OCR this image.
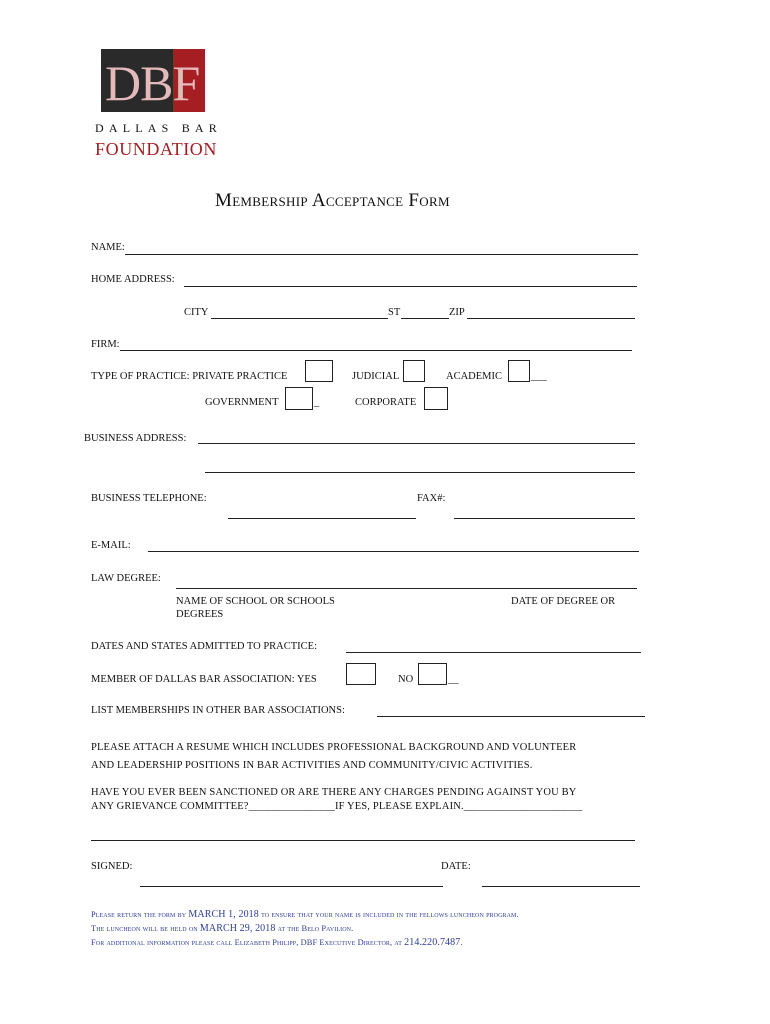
DBF
DALLAS BAR
FOUNDATION
Membership Acceptance Form
NAME:
HOME ADDRESS:
CITY	ST	ZIP
FIRM:
TYPE OF PRACTICE: PRIVATE PRACTICE	JUDICIAL	ACADEMIC	___
GOVERNMENT	_	CORPORATE
BUSINESS ADDRESS:
BUSINESS TELEPHONE:	FAX#:
E-MAIL:
LAW DEGREE:
NAME OF SCHOOL OR SCHOOLS
DEGREES
DATE OF DEGREE OR
DATES AND STATES ADMITTED TO PRACTICE:
MEMBER OF DALLAS BAR ASSOCIATION: YES	NO	__
LIST MEMBERSHIPS IN OTHER BAR ASSOCIATIONS:
PLEASE ATTACH A RESUME WHICH INCLUDES PROFESSIONAL BACKGROUND AND VOLUNTEER
AND LEADERSHIP POSITIONS IN BAR ACTIVITIES AND COMMUNITY/CIVIC ACTIVITIES.
HAVE YOU EVER BEEN SANCTIONED OR ARE THERE ANY CHARGES PENDING AGAINST YOU BY
ANY GRIEVANCE COMMITTEE?________________IF YES, PLEASE EXPLAIN.______________________
SIGNED:	DATE:
Please return the form by MARCH 1, 2018 to ensure that your name is included in the fellows luncheon program.
The luncheon will be held on MARCH 29, 2018 at the Belo Pavilion.
For additional information please call Elizabeth Philipp, DBF Executive Director, at 214.220.7487.
